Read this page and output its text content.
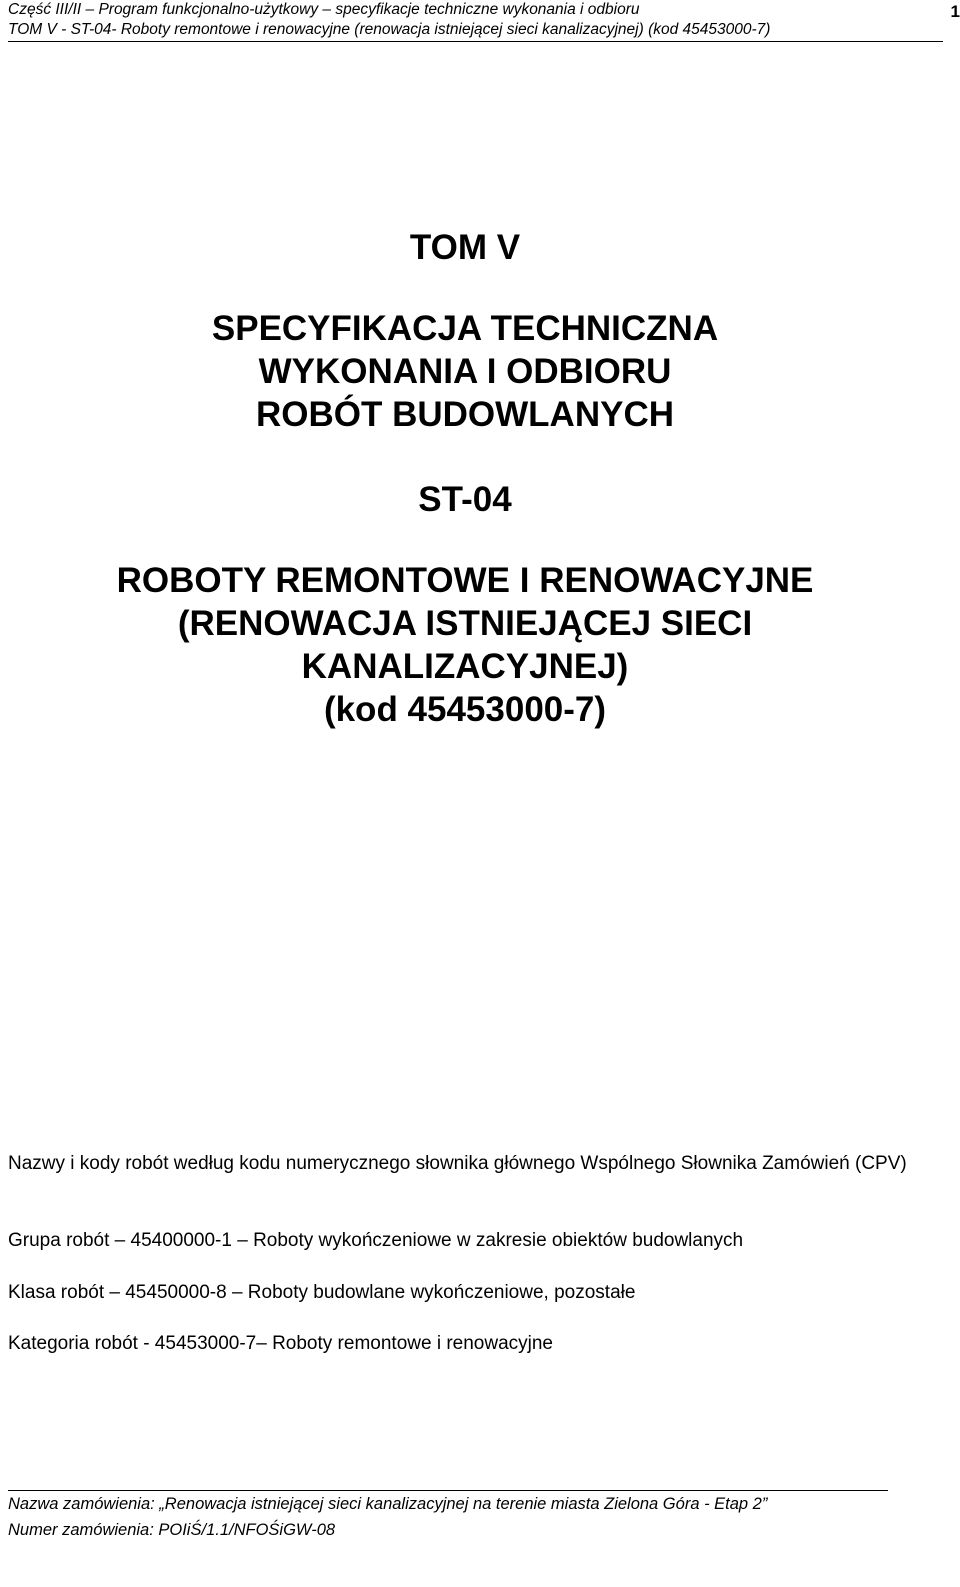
Część III/II – Program funkcjonalno-użytkowy – specyfikacje techniczne wykonania i odbioru
TOM V - ST-04- Roboty remontowe i renowacyjne (renowacja istniejącej sieci kanalizacyjnej) (kod 45453000-7)
1
TOM V
SPECYFIKACJA TECHNICZNA
WYKONANIA I ODBIORU
ROBÓT BUDOWLANYCH
ST-04
ROBOTY REMONTOWE I RENOWACYJNE
(RENOWACJA ISTNIEJĄCEJ SIECI
KANALIZACYJNEJ)
(kod 45453000-7)
Nazwy i kody robót według kodu numerycznego słownika głównego Wspólnego Słownika Zamówień (CPV)
Grupa robót – 45400000-1 – Roboty wykończeniowe w zakresie obiektów budowlanych
Klasa robót – 45450000-8 – Roboty budowlane wykończeniowe, pozostałe
Kategoria robót - 45453000-7– Roboty remontowe i renowacyjne
Nazwa zamówienia: „Renowacja istniejącej sieci kanalizacyjnej na terenie miasta Zielona Góra - Etap 2”
Numer zamówienia: POIiŚ/1.1/NFOŚiGW-08
